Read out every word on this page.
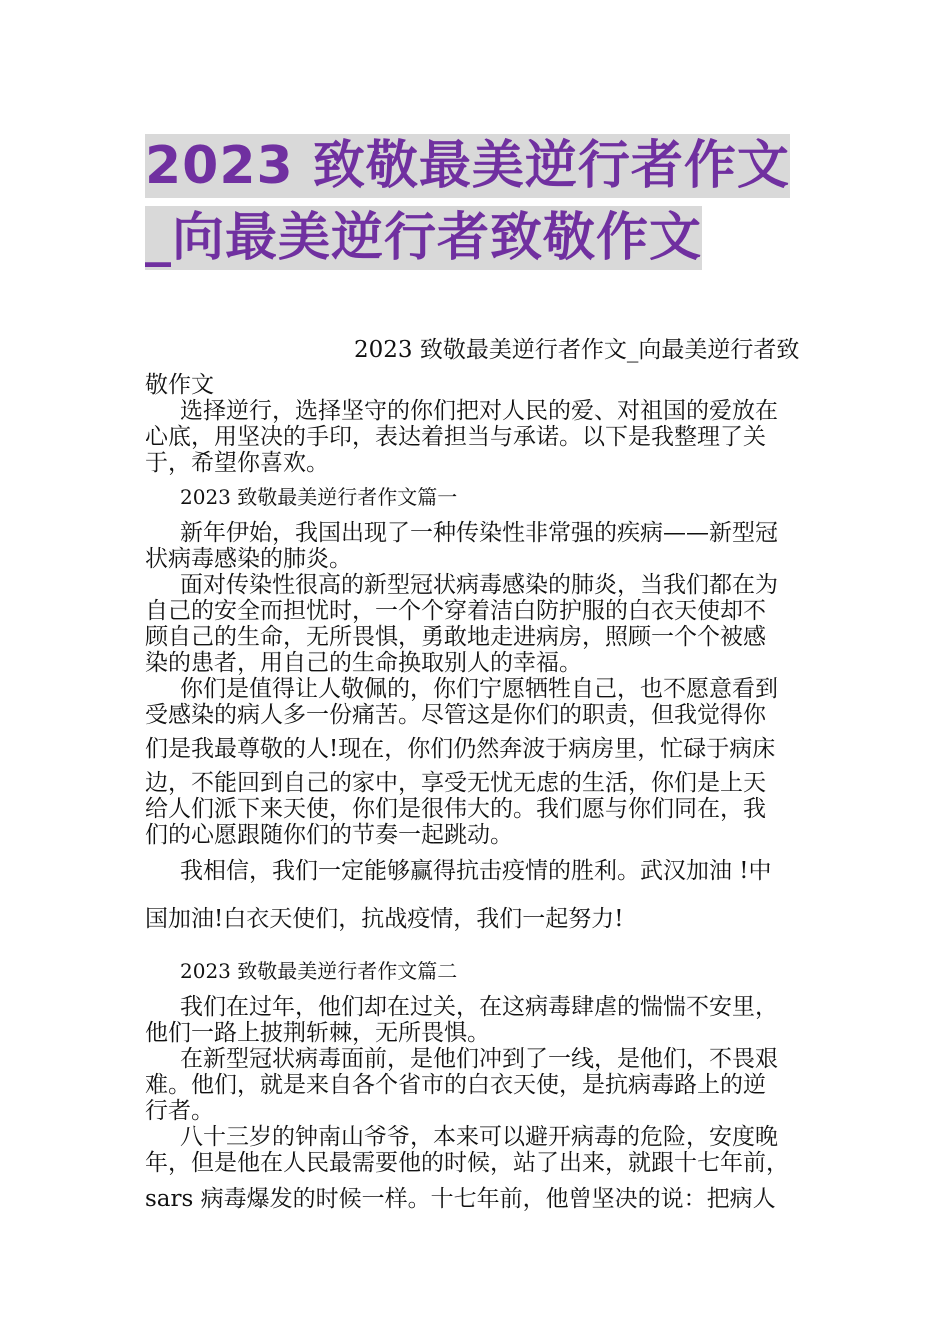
2023 致敬最美逆行者作文
_向最美逆行者致敬作文
2023 致敬最美逆行者作文_向最美逆行者致
敬作文
选择逆行，选择坚守的你们把对人民的爱、对祖国的爱放在
心底，用坚决的手印，表达着担当与承诺。以下是我整理了关
于，希望你喜欢。
2023 致敬最美逆行者作文篇一
新年伊始，我国出现了一种传染性非常强的疾病——新型冠
状病毒感染的肺炎。
面对传染性很高的新型冠状病毒感染的肺炎，当我们都在为
自己的安全而担忧时，一个个穿着洁白防护服的白衣天使却不
顾自己的生命，无所畏惧，勇敢地走进病房，照顾一个个被感
染的患者，用自己的生命换取别人的幸福。
你们是值得让人敬佩的，你们宁愿牺牲自己，也不愿意看到
受感染的病人多一份痛苦。尽管这是你们的职责，但我觉得你
们是我最尊敬的人!现在，你们仍然奔波于病房里，忙碌于病床
边，不能回到自己的家中，享受无忧无虑的生活，你们是上天
给人们派下来天使，你们是很伟大的。我们愿与你们同在，我
们的心愿跟随你们的节奏一起跳动。
我相信，我们一定能够赢得抗击疫情的胜利。武汉加油 !中
国加油!白衣天使们，抗战疫情，我们一起努力!
2023 致敬最美逆行者作文篇二
我们在过年，他们却在过关，在这病毒肆虐的惴惴不安里，
他们一路上披荆斩棘，无所畏惧。
在新型冠状病毒面前，是他们冲到了一线，是他们，不畏艰
难。他们，就是来自各个省市的白衣天使，是抗病毒路上的逆
行者。
八十三岁的钟南山爷爷，本来可以避开病毒的危险，安度晚
年，但是他在人民最需要他的时候，站了出来，就跟十七年前，
sars 病毒爆发的时候一样。十七年前，他曾坚决的说：把病人
